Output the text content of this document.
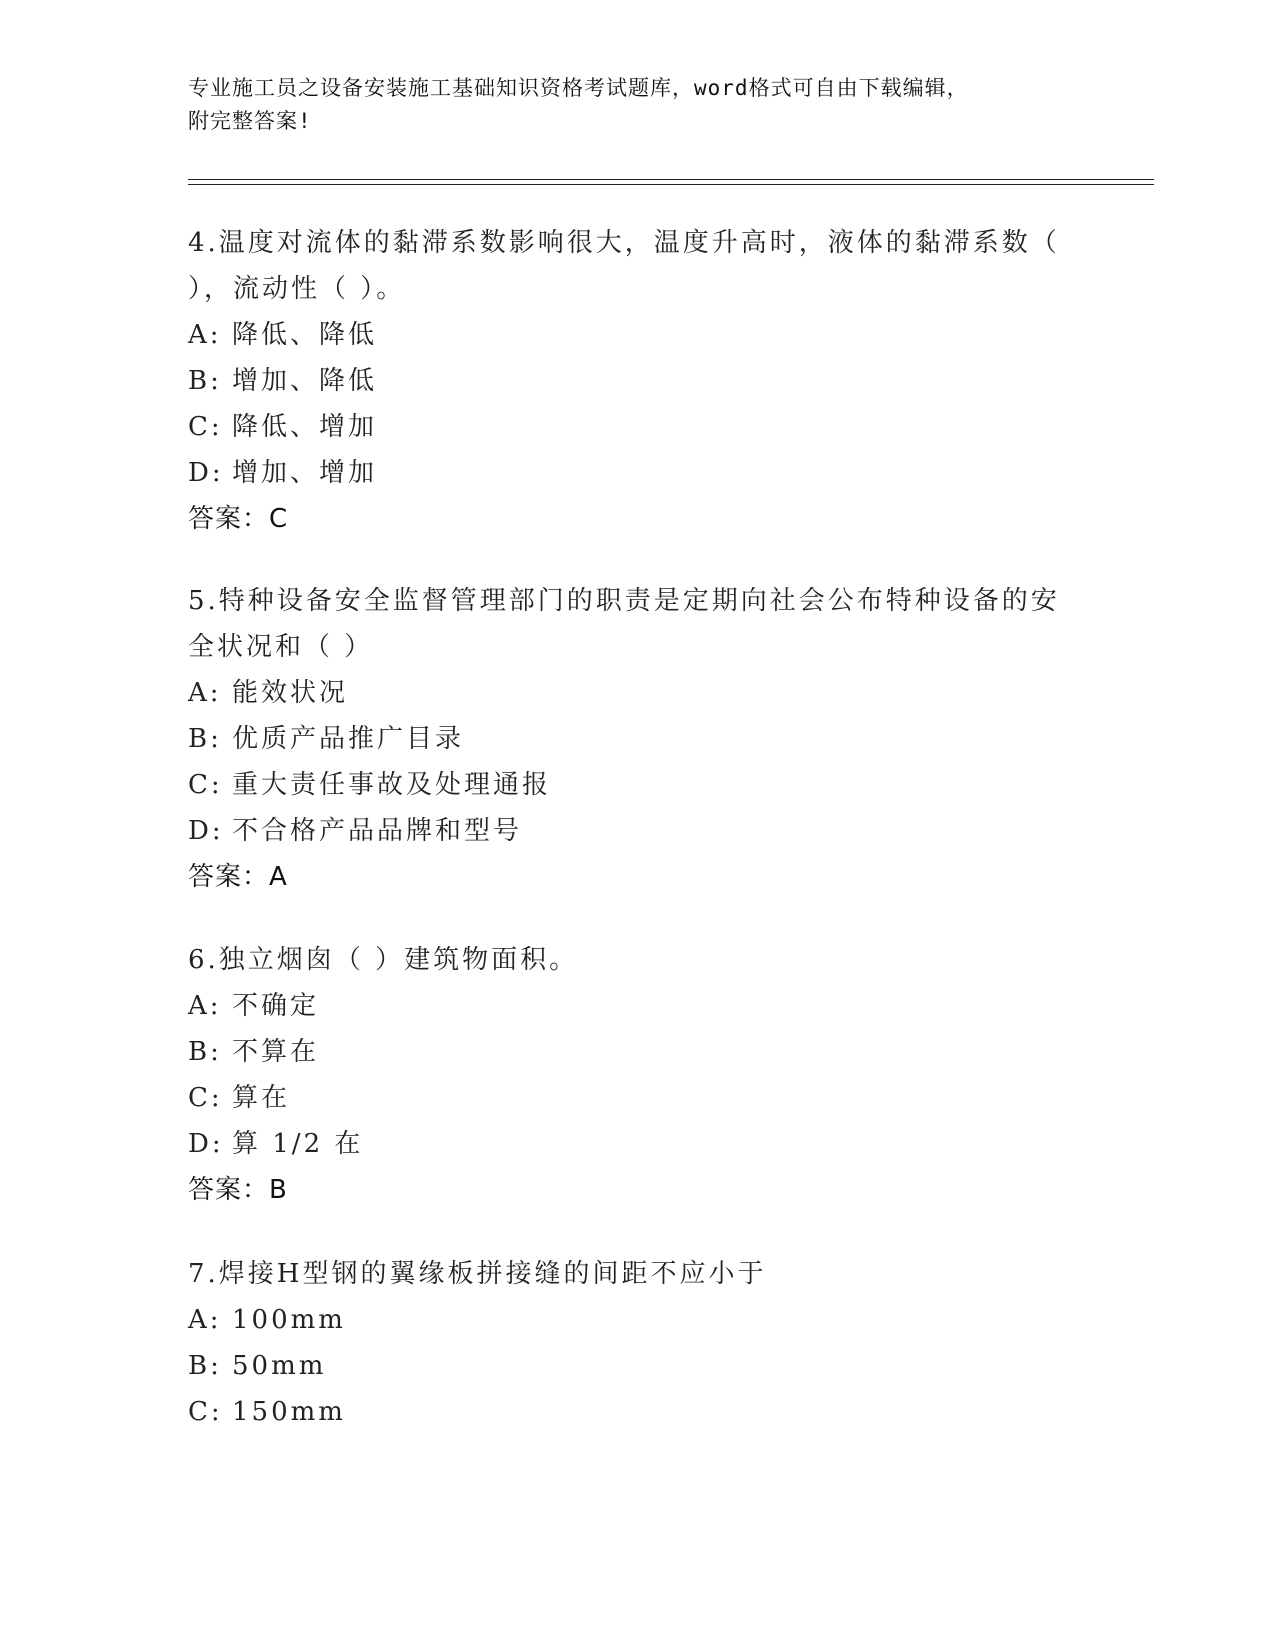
专业施工员之设备安装施工基础知识资格考试题库，word格式可自由下载编辑，
附完整答案!
4.温度对流体的黏滞系数影响很大，温度升高时，液体的黏滞系数（
），流动性（ ）。
A: 降低、降低
B: 增加、降低
C: 降低、增加
D: 增加、增加
答案：C
5.特种设备安全监督管理部门的职责是定期向社会公布特种设备的安
全状况和（ ）
A: 能效状况
B: 优质产品推广目录
C: 重大责任事故及处理通报
D: 不合格产品品牌和型号
答案：A
6.独立烟囱（ ）建筑物面积。
A: 不确定
B: 不算在
C: 算在
D: 算 1/2 在
答案：B
7.焊接H型钢的翼缘板拼接缝的间距不应小于
A: 100mm
B: 50mm
C: 150mm
